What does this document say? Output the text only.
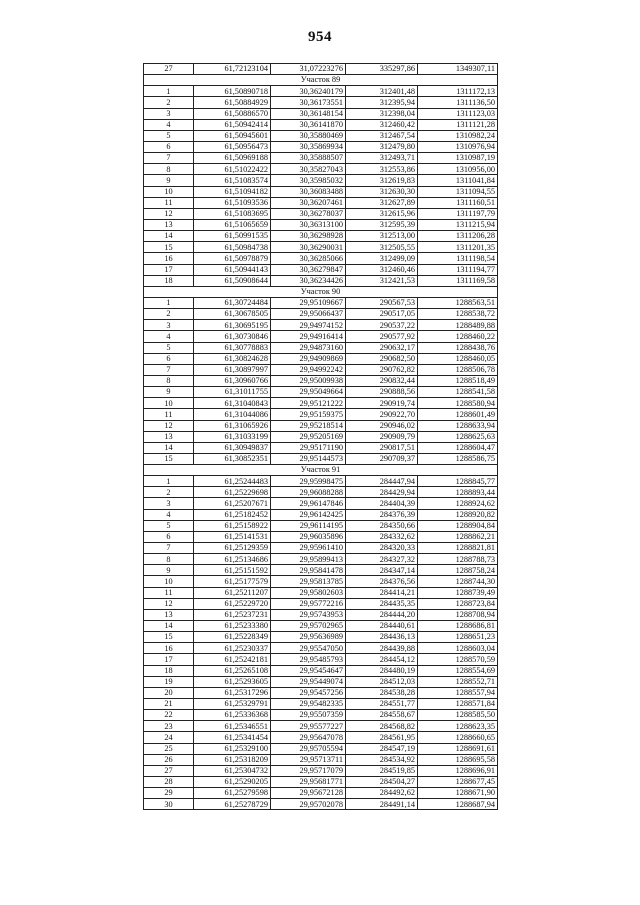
954
27	61,72123104	31,07223276	335297,86	1349307,11
Участок 89				
1	61,50890718	30,36240179	312401,48	1311172,13
2	61,50884929	30,36173551	312395,94	1311136,50
3	61,50886570	30,36148154	312398,04	1311123,03
4	61,50942414	30,36141870	312460,42	1311121,28
5	61,50945601	30,35880469	312467,54	1310982,24
6	61,50956473	30,35869934	312479,80	1310976,94
7	61,50969188	30,35888507	312493,71	1310987,19
8	61,51022422	30,35827043	312553,86	1310956,00
9	61,51083574	30,35985032	312619,83	1311041,84
10	61,51094182	30,36083488	312630,30	1311094,55
11	61,51093536	30,36207461	312627,89	1311160,51
12	61,51083695	30,36278037	312615,96	1311197,79
13	61,51065659	30,36313100	312595,39	1311215,94
14	61,50991535	30,36298928	312513,00	1311206,28
15	61,50984738	30,36290031	312505,55	1311201,35
16	61,50978879	30,36285066	312499,09	1311198,54
17	61,50944143	30,36279847	312460,46	1311194,77
18	61,50908644	30,36234426	312421,53	1311169,58
Участок 90				
1	61,30724484	29,95109667	290567,53	1288563,51
2	61,30678505	29,95066437	290517,05	1288538,72
3	61,30695195	29,94974152	290537,22	1288489,88
4	61,30730846	29,94916414	290577,92	1288460,22
5	61,30778883	29,94873160	290632,17	1288438,76
6	61,30824628	29,94909869	290682,50	1288460,05
7	61,30897997	29,94992242	290762,82	1288506,78
8	61,30960766	29,95009938	290832,44	1288518,49
9	61,31011755	29,95049664	290888,56	1288541,58
10	61,31040843	29,95121222	290919,74	1288580,94
11	61,31044086	29,95159375	290922,70	1288601,49
12	61,31065926	29,95218514	290946,02	1288633,94
13	61,31033199	29,95205169	290909,79	1288625,63
14	61,30949837	29,95171190	290817,51	1288604,47
15	61,30852351	29,95144573	290709,37	1288586,75
Участок 91				
1	61,25244483	29,95998475	284447,94	1288845,77
2	61,25229698	29,96088288	284429,94	1288893,44
3	61,25207671	29,96147846	284404,39	1288924,62
4	61,25182452	29,96142425	284376,39	1288920,82
5	61,25158922	29,96114195	284350,66	1288904,84
6	61,25141531	29,96035896	284332,62	1288862,21
7	61,25129359	29,95961410	284320,33	1288821,81
8	61,25134686	29,95899413	284327,32	1288788,73
9	61,25151592	29,95841478	284347,14	1288758,24
10	61,25177579	29,95813785	284376,56	1288744,30
11	61,25211207	29,95802603	284414,21	1288739,49
12	61,25229720	29,95772216	284435,35	1288723,84
13	61,25237231	29,95743953	284444,20	1288708,94
14	61,25233380	29,95702965	284440,61	1288686,81
15	61,25228349	29,95636989	284436,13	1288651,23
16	61,25230337	29,95547050	284439,88	1288603,04
17	61,25242181	29,95485793	284454,12	1288570,59
18	61,25265108	29,95454647	284480,19	1288554,69
19	61,25293605	29,95449074	284512,03	1288552,71
20	61,25317296	29,95457256	284538,28	1288557,94
21	61,25329791	29,95482335	284551,77	1288571,84
22	61,25336368	29,95507359	284558,67	1288585,50
23	61,25346551	29,95577227	284568,82	1288623,35
24	61,25341454	29,95647078	284561,95	1288660,65
25	61,25329100	29,95705594	284547,19	1288691,61
26	61,25318209	29,95713711	284534,92	1288695,58
27	61,25304732	29,95717079	284519,85	1288696,91
28	61,25290205	29,95681771	284504,27	1288677,45
29	61,25279598	29,95672128	284492,62	1288671,90
30	61,25278729	29,95702078	284491,14	1288687,94
